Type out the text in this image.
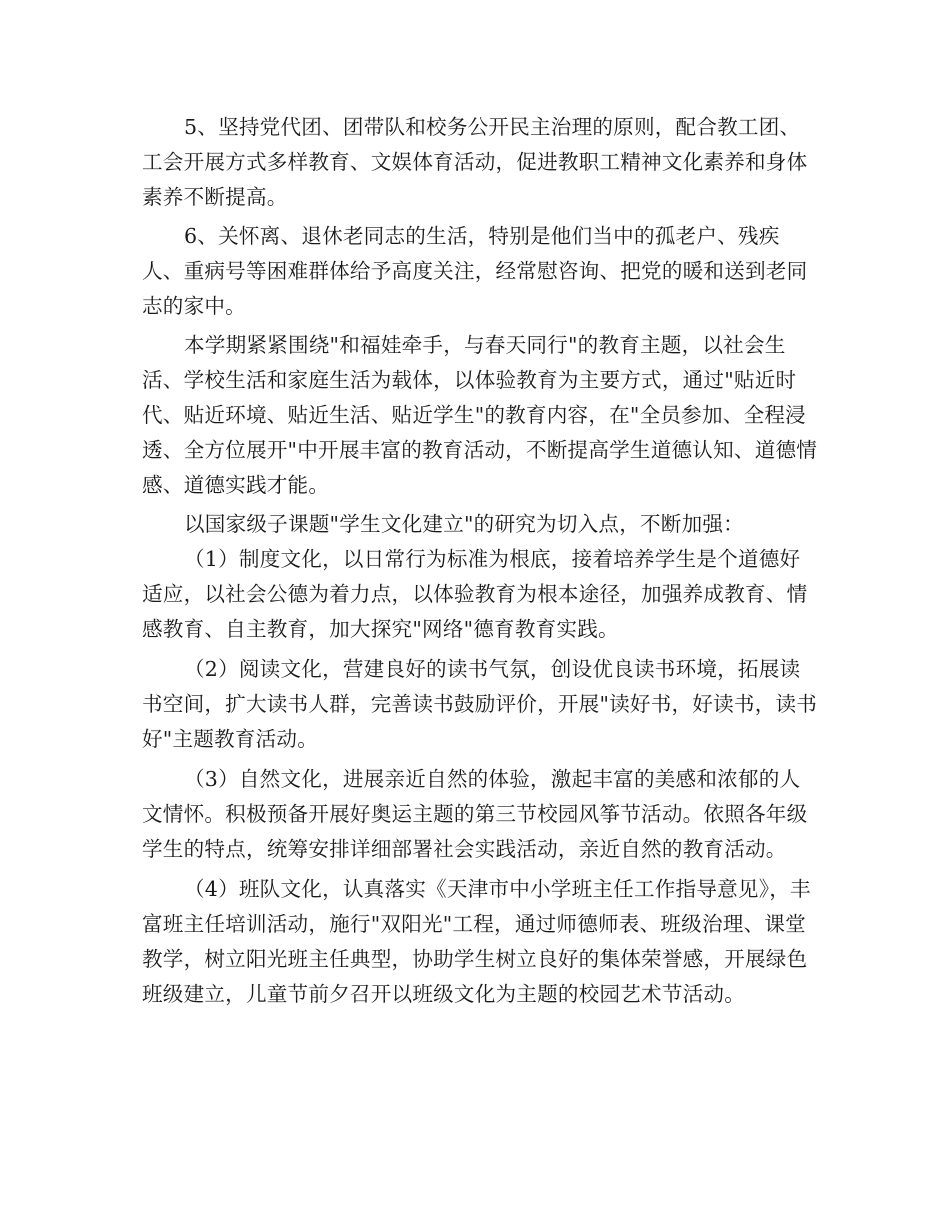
5、坚持党代团、团带队和校务公开民主治理的原则，配合教工团、工会开展方式多样教育、文娱体育活动，促进教职工精神文化素养和身体素养不断提高。

6、关怀离、退休老同志的生活，特别是他们当中的孤老户、残疾人、重病号等困难群体给予高度关注，经常慰咨询、把党的暖和送到老同志的家中。

本学期紧紧围绕"和福娃牵手，与春天同行"的教育主题，以社会生活、学校生活和家庭生活为载体，以体验教育为主要方式，通过"贴近时代、贴近环境、贴近生活、贴近学生"的教育内容，在"全员参加、全程浸透、全方位展开"中开展丰富的教育活动，不断提高学生道德认知、道德情感、道德实践才能。

以国家级子课题"学生文化建立"的研究为切入点，不断加强：

（1）制度文化，以日常行为标准为根底，接着培养学生是个道德好适应，以社会公德为着力点，以体验教育为根本途径，加强养成教育、情感教育、自主教育，加大探究"网络"德育教育实践。

（2）阅读文化，营建良好的读书气氛，创设优良读书环境，拓展读书空间，扩大读书人群，完善读书鼓励评价，开展"读好书，好读书，读书好"主题教育活动。

（3）自然文化，进展亲近自然的体验，激起丰富的美感和浓郁的人文情怀。积极预备开展好奥运主题的第三节校园风筝节活动。依照各年级学生的特点，统筹安排详细部署社会实践活动，亲近自然的教育活动。

（4）班队文化，认真落实《天津市中小学班主任工作指导意见》，丰富班主任培训活动，施行"双阳光"工程，通过师德师表、班级治理、课堂教学，树立阳光班主任典型，协助学生树立良好的集体荣誉感，开展绿色班级建立，儿童节前夕召开以班级文化为主题的校园艺术节活动。
